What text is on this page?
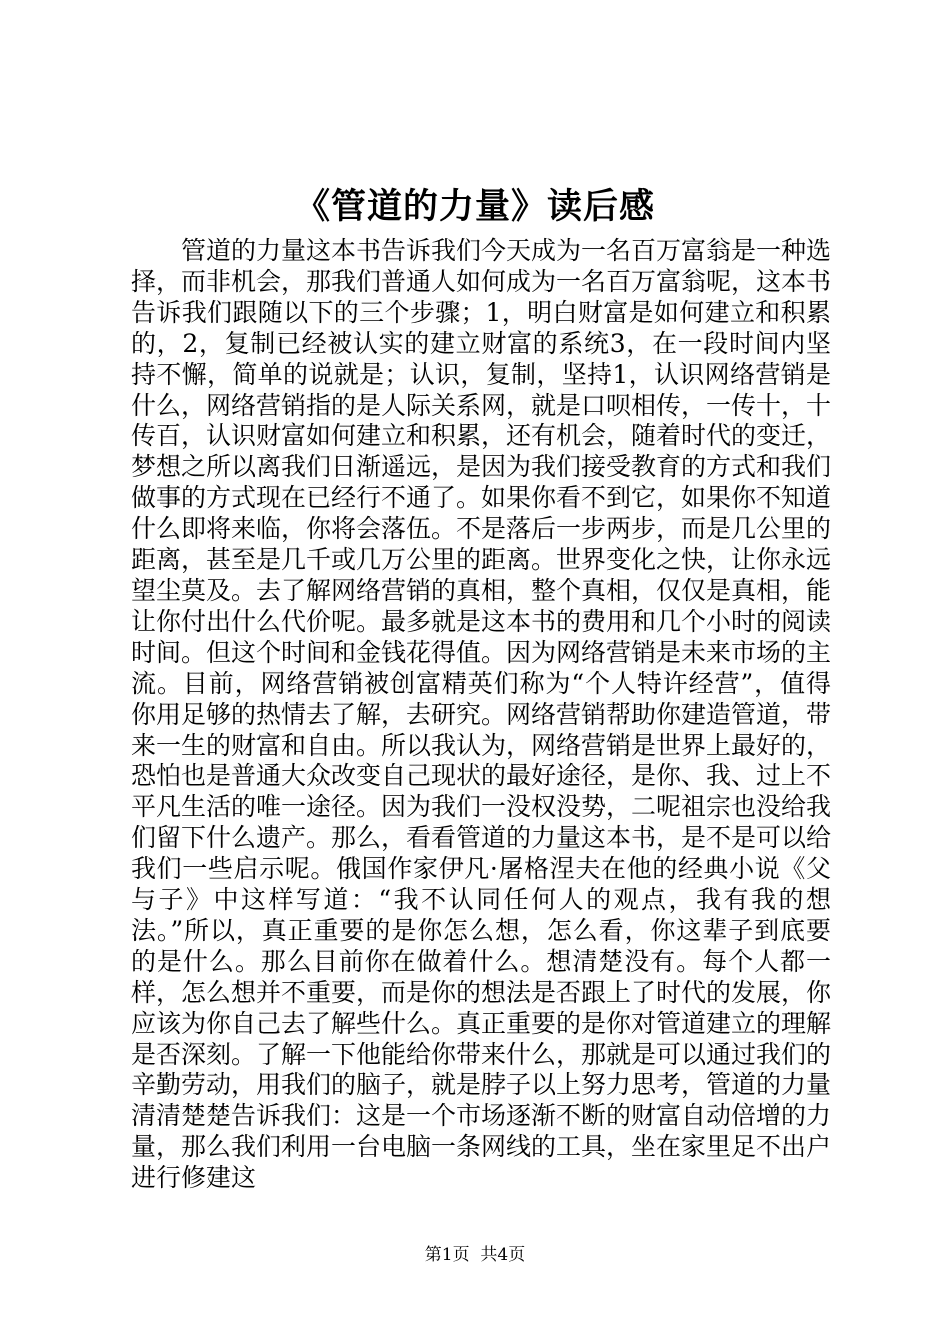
《管道的力量》读后感

管道的力量这本书告诉我们今天成为一名百万富翁是一种选择，而非机会，那我们普通人如何成为一名百万富翁呢，这本书告诉我们跟随以下的三个步骤；1，明白财富是如何建立和积累的，2，复制已经被认实的建立财富的系统3，在一段时间内坚持不懈，简单的说就是；认识，复制，坚持1，认识网络营销是什么，网络营销指的是人际关系网，就是口呗相传，一传十，十传百，认识财富如何建立和积累，还有机会，随着时代的变迁，梦想之所以离我们日渐遥远，是因为我们接受教育的方式和我们做事的方式现在已经行不通了。如果你看不到它，如果你不知道什么即将来临，你将会落伍。不是落后一步两步，而是几公里的距离，甚至是几千或几万公里的距离。世界变化之快，让你永远望尘莫及。去了解网络营销的真相，整个真相，仅仅是真相，能让你付出什么代价呢。最多就是这本书的费用和几个小时的阅读时间。但这个时间和金钱花得值。因为网络营销是未来市场的主流。目前，网络营销被创富精英们称为“个人特许经营”，值得你用足够的热情去了解，去研究。网络营销帮助你建造管道，带来一生的财富和自由。所以我认为，网络营销是世界上最好的，恐怕也是普通大众改变自己现状的最好途径，是你、我、过上不平凡生活的唯一途径。因为我们一没权没势，二呢祖宗也没给我们留下什么遗产。那么，看看管道的力量这本书，是不是可以给我们一些启示呢。俄国作家伊凡·屠格涅夫在他的经典小说《父与子》中这样写道：“我不认同任何人的观点，我有我的想法。”所以，真正重要的是你怎么想，怎么看，你这辈子到底要的是什么。那么目前你在做着什么。想清楚没有。每个人都一样，怎么想并不重要，而是你的想法是否跟上了时代的发展，你应该为你自己去了解些什么。真正重要的是你对管道建立的理解是否深刻。了解一下他能给你带来什么，那就是可以通过我们的辛勤劳动，用我们的脑子，就是脖子以上努力思考，管道的力量清清楚楚告诉我们：这是一个市场逐渐不断的财富自动倍增的力量，那么我们利用一台电脑一条网线的工具，坐在家里足不出户进行修建这

第1页  共4页
